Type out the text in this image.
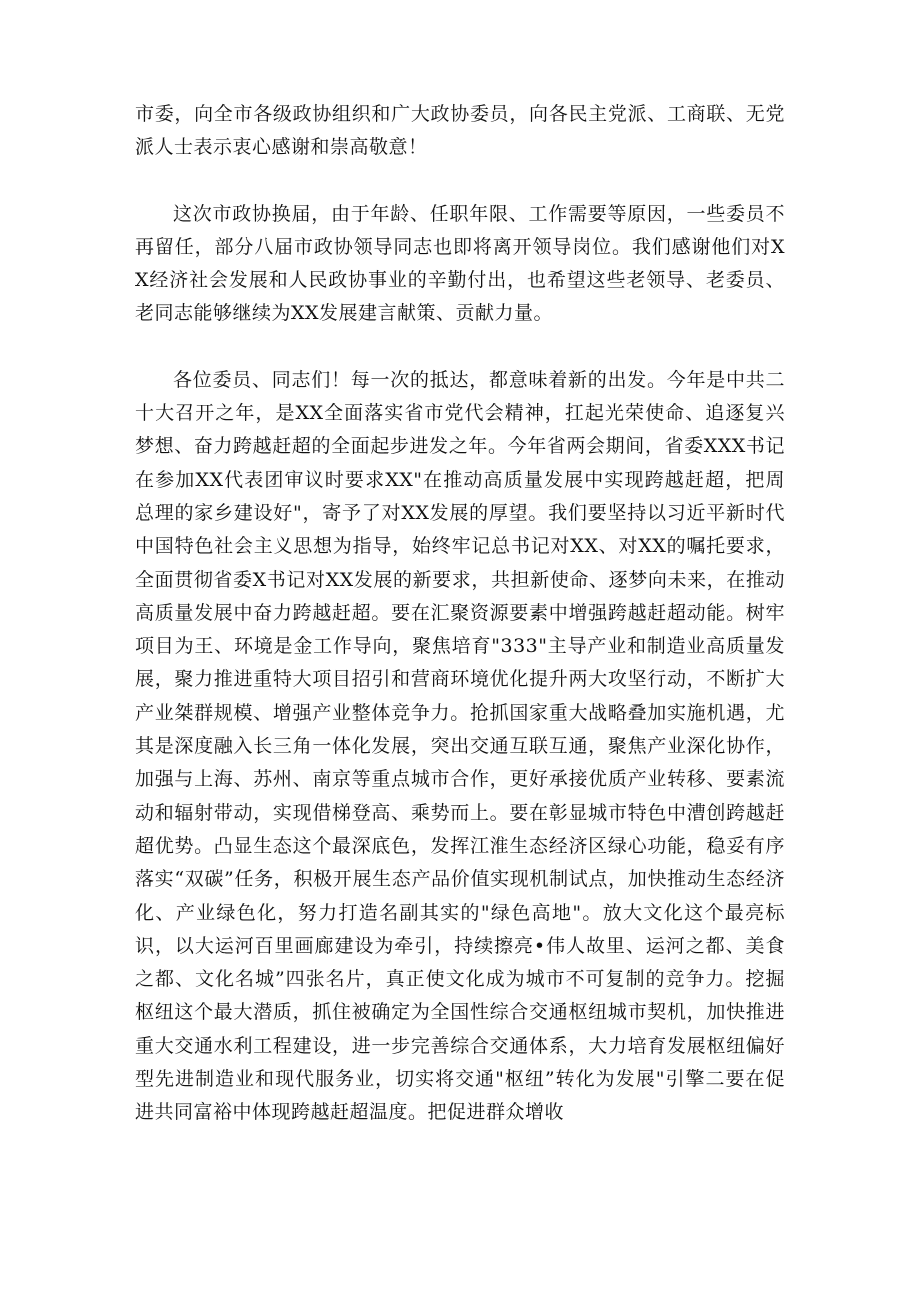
市委，向全市各级政协组织和广大政协委员，向各民主党派、工商联、无党派人士表示衷心感谢和崇高敬意！

这次市政协换届，由于年龄、任职年限、工作需要等原因，一些委员不再留任，部分八届市政协领导同志也即将离开领导岗位。我们感谢他们对XX经济社会发展和人民政协事业的辛勤付出，也希望这些老领导、老委员、老同志能够继续为XX发展建言献策、贡献力量。

各位委员、同志们！每一次的抵达，都意味着新的出发。今年是中共二十大召开之年，是XX全面落实省市党代会精神，扛起光荣使命、追逐复兴梦想、奋力跨越赶超的全面起步进发之年。今年省两会期间，省委XXX书记在参加XX代表团审议时要求XX"在推动高质量发展中实现跨越赶超，把周总理的家乡建设好"，寄予了对XX发展的厚望。我们要坚持以习近平新时代中国特色社会主义思想为指导，始终牢记总书记对XX、对XX的嘱托要求，全面贯彻省委X书记对XX发展的新要求，共担新使命、逐梦向未来，在推动高质量发展中奋力跨越赶超。要在汇聚资源要素中增强跨越赶超动能。树牢项目为王、环境是金工作导向，聚焦培育"333"主导产业和制造业高质量发展，聚力推进重特大项目招引和营商环境优化提升两大攻坚行动，不断扩大产业桀群规模、增强产业整体竞争力。抢抓国家重大战略叠加实施机遇，尤其是深度融入长三角一体化发展，突出交通互联互通，聚焦产业深化协作，加强与上海、苏州、南京等重点城市合作，更好承接优质产业转移、要素流动和辐射带动，实现借梯登高、乘势而上。要在彰显城市特色中漕创跨越赶超优势。凸显生态这个最深底色，发挥江淮生态经济区绿心功能，稳妥有序落实“双碳”任务，积极开展生态产品价值实现机制试点，加快推动生态经济化、产业绿色化，努力打造名副其实的"绿色高地"。放大文化这个最亮标识，以大运河百里画廊建设为牵引，持续擦亮•伟人故里、运河之都、美食之都、文化名城”四张名片，真正使文化成为城市不可复制的竞争力。挖掘枢纽这个最大潜质，抓住被确定为全国性综合交通枢纽城市契机，加快推进重大交通水利工程建设，进一步完善综合交通体系，大力培育发展枢纽偏好型先进制造业和现代服务业，切实将交通"枢纽”转化为发展"引擎二要在促进共同富裕中体现跨越赶超温度。把促进群众增收
